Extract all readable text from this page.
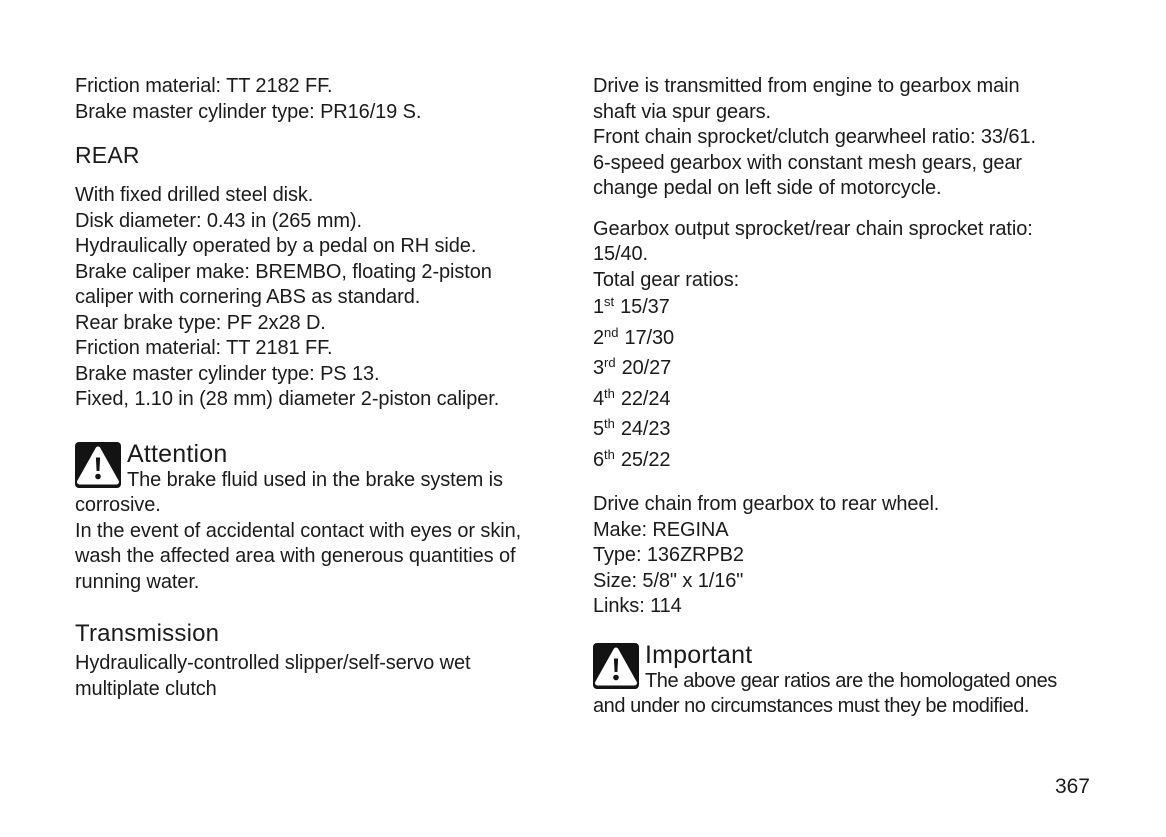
Friction material: TT 2182 FF.
Brake master cylinder type: PR16/19 S.
REAR
With fixed drilled steel disk.
Disk diameter: 0.43 in (265 mm).
Hydraulically operated by a pedal on RH side.
Brake caliper make: BREMBO, floating 2-piston
caliper with cornering ABS as standard.
Rear brake type: PF 2x28 D.
Friction material: TT 2181 FF.
Brake master cylinder type: PS 13.
Fixed, 1.10 in (28 mm) diameter 2-piston caliper.
Attention
The brake fluid used in the brake system is
corrosive.
In the event of accidental contact with eyes or skin,
wash the affected area with generous quantities of
running water.
Transmission
Hydraulically-controlled slipper/self-servo wet
multiplate clutch
Drive is transmitted from engine to gearbox main
shaft via spur gears.
Front chain sprocket/clutch gearwheel ratio: 33/61.
6-speed gearbox with constant mesh gears, gear
change pedal on left side of motorcycle.
Gearbox output sprocket/rear chain sprocket ratio:
15/40.
Total gear ratios:
1st 15/37
2nd 17/30
3rd 20/27
4th 22/24
5th 24/23
6th 25/22
Drive chain from gearbox to rear wheel.
Make: REGINA
Type: 136ZRPB2
Size: 5/8" x 1/16"
Links: 114
Important
The above gear ratios are the homologated ones
and under no circumstances must they be modified.
367
